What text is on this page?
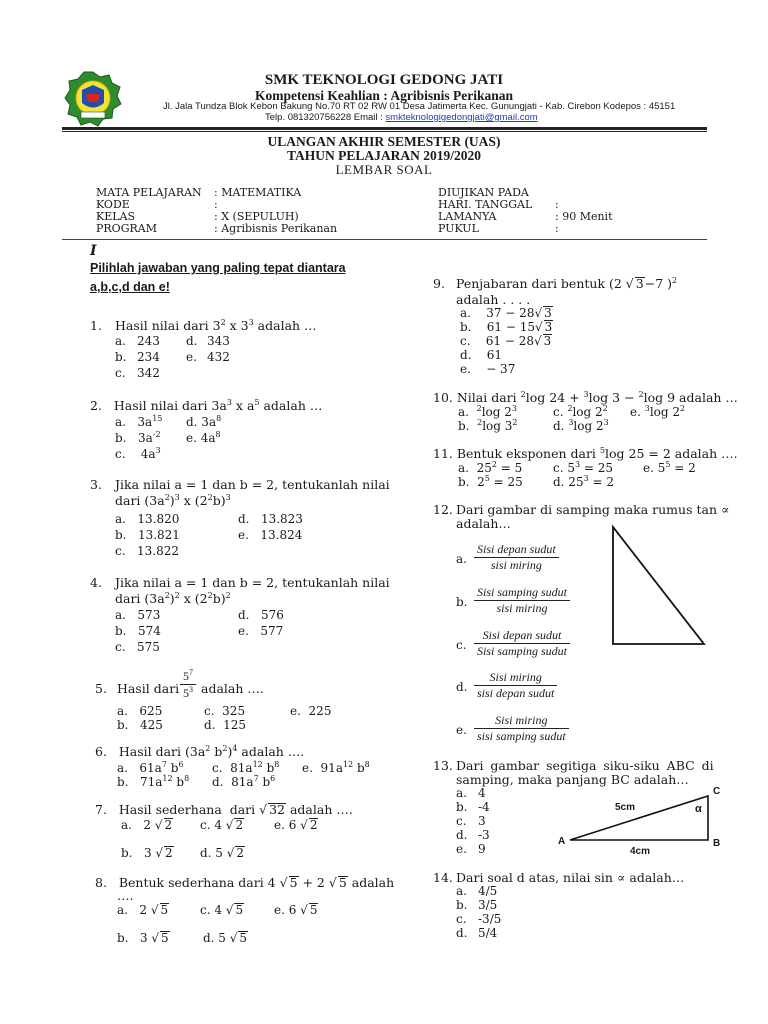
SMK TEKNOLOGI GEDONG JATI
Kompetensi Keahlian : Agribisnis Perikanan
Jl. Jala Tundza Blok Kebon Bakung No.70 RT 02 RW 01 Desa Jatimerta Kec. Gunungjati - Kab. Cirebon Kodepos : 45151
Telp. 081320756228 Email : smkteknologigedongjati@gmail.com
ULANGAN AKHIR SEMESTER (UAS)
TAHUN PELAJARAN 2019/2020
LEMBAR SOAL
MATA PELAJARAN : MATEMATIKA
KODE	:
KELAS	: X (SEPULUH)
PROGRAM	: Agribisnis Perikanan
DIUJIKAN PADA
HARI. TANGGAL :
LAMANYA	: 90 Menit
PUKUL	:
I
Pilihlah jawaban yang paling tepat diantara a,b,c,d dan e!
1. Hasil nilai dari $3^2$ x $3^3$ adalah …
a. 243 d. 343
b. 234 e. 432
c. 342
2.   Hasil nilai dari $3a^3$ x $a^5$ adalah …
a.   $3a^{15}$ d. $3a^8$
b.   $3a^{-2}$ e. $4a^8$
c.    $4a^3$
3. Jika nilai a = 1 dan b = 2, tentukanlah nilai
dari $(3a^2)^3$ x $(2^2b)^3$
a.   13.820	d.   13.823
b.   13.821	e.   13.824
c.   13.822
4. Jika nilai a = 1 dan b = 2, tentukanlah nilai
dari $(3a^2)^2$ x $(2^2b)^2$
a.   573	d.   576
b.   574	e.   577
c.   575
5. Hasil dari $\frac{5^7}{5^3}$ adalah ….
a.   625	c.  325	e.  225
b.   425	d.  125
6.   Hasil dari ($3a^2$ $b^2)^4$ adalah ….
a.   $61a^7$ $b^6$ c.  $81a^{12}$ $b^8$ e.  $91a^{12}$ $b^8$
b.   $71a^{12}$ $b^8$ d.  $81a^7$ $b^6$
7.   Hasil sederhana  dari √ 32 adalah ….
a.   2 √ 2 c. 4 √ 2	e. 6 √ 2
b.   3 √ 2 d. 5 √ 2
8.   Bentuk sederhana dari 4 √ 5 + 2 √ 5 adalah
….
a.   2 √ 5	c. 4 √ 5	e. 6 √ 5
b.   3 √ 5	d. 5 √ 5
9. Penjabaran dari bentuk (2 √ 3−7 )$^2$
adalah . . . .
a.    37 − 28√ 3
b.    61 − 15√ 3
c.    61 − 28√ 3
d.    61
e.    − 37
10. Nilai dari $^2$log 24 + $^3$log 3 − $^2$log 9 adalah …
a.  $^2$log $2^3$	c. $^2$log $2^2$ e. $^3$log $2^2$
b.  $^2$log $3^2$	d. $^3$log $2^3$
11. Bentuk eksponen dari $^5$log 25 = 2 adalah ….
a.  $25^2 = 5$	c. $5^3 = 25$ e. $5^5 = 2$
b.  $2^5 = 25$	d. $25^3 = 2$
12. Dari gambar di samping maka rumus tan ∝
adalah…
a. $\frac{\text{Sisi depan sudut}}{\text{sisi miring}}$
b. $\frac{\text{Sisi samping sudut}}{\text{sisi miring}}$
c. $\frac{\text{Sisi depan sudut}}{\text{Sisi samping sudut}}$
d. $\frac{\text{Sisi miring}}{\text{sisi depan sudut}}$
e. $\frac{\text{Sisi miring}}{\text{sisi samping sudut}}$
13. Dari gambar segitiga siku-siku ABC di
samping, maka panjang BC adalah…
a. 4
b. -4
c. 3
d. -3
e. 9
A	B
C
5cm
4cm
α
14. Dari soal d atas, nilai sin ∝ adalah…
a. 4/5
b. 3/5
c. -3/5
d. 5/4
